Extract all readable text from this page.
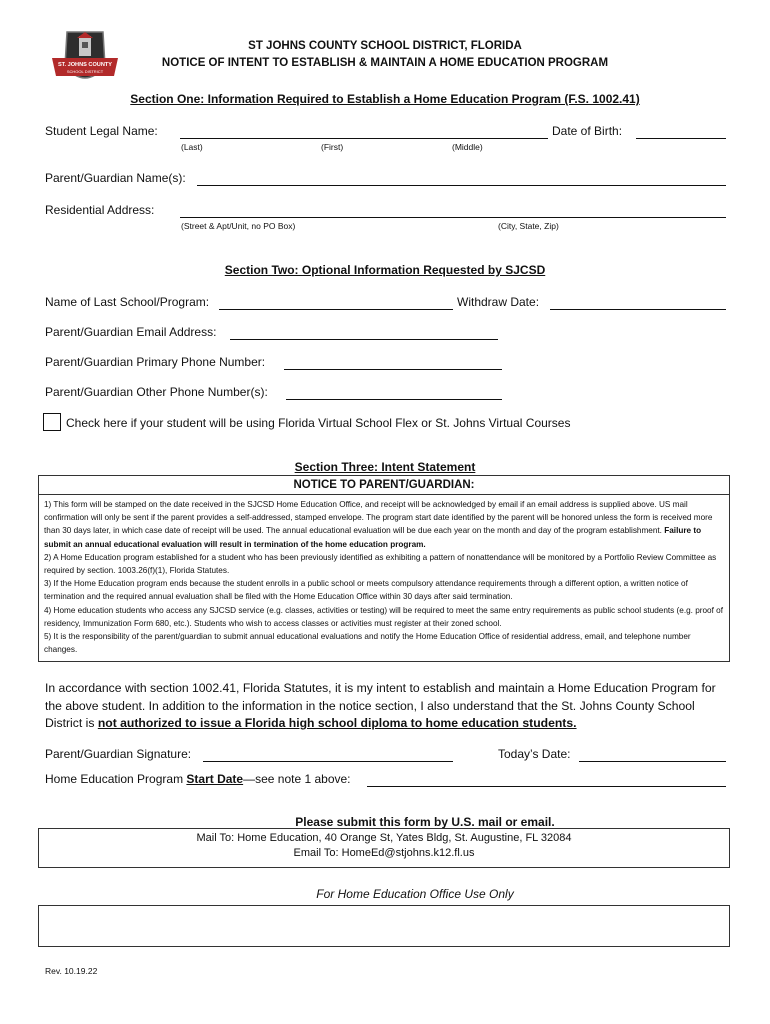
ST. JOHNS COUNTY
SCHOOL DISTRICT
ST JOHNS COUNTY SCHOOL DISTRICT, FLORIDA
NOTICE OF INTENT TO ESTABLISH & MAINTAIN A HOME EDUCATION PROGRAM
Section One: Information Required to Establish a Home Education Program (F.S. 1002.41)
Student Legal Name:	Date of Birth:
(Last)	(First)	(Middle)
Parent/Guardian Name(s):
Residential Address:
(Street & Apt/Unit, no PO Box)	(City, State, Zip)
Section Two: Optional Information Requested by SJCSD
Name of Last School/Program:	Withdraw Date:
Parent/Guardian Email Address:
Parent/Guardian Primary Phone Number:
Parent/Guardian Other Phone Number(s):
Check here if your student will be using Florida Virtual School Flex or St. Johns Virtual Courses
Section Three: Intent Statement
NOTICE TO PARENT/GUARDIAN:

1) This form will be stamped on the date received in the SJCSD Home Education Office, and receipt will be acknowledged by email if an email address is supplied above. US mail confirmation will only be sent if the parent provides a self-addressed, stamped envelope. The program start date identified by the parent will be honored unless the form is received more than 30 days later, in which case date of receipt will be used. The annual educational evaluation will be due each year on the month and day of the program establishment. Failure to submit an annual educational evaluation will result in termination of the home education program.

2) A Home Education program established for a student who has been previously identified as exhibiting a pattern of nonattendance will be monitored by a Portfolio Review Committee as required by section. 1003.26(f)(1), Florida Statutes.

3) If the Home Education program ends because the student enrolls in a public school or meets compulsory attendance requirements through a different option, a written notice of termination and the required annual evaluation shall be filed with the Home Education Office within 30 days after said termination.

4) Home education students who access any SJCSD service (e.g. classes, activities or testing) will be required to meet the same entry requirements as public school students (e.g. proof of residency, Immunization Form 680, etc.). Students who wish to access classes or activities must register at their zoned school.

5) It is the responsibility of the parent/guardian to submit annual educational evaluations and notify the Home Education Office of residential address, email, and telephone number changes.

In accordance with section 1002.41, Florida Statutes, it is my intent to establish and maintain a Home Education Program for the above student. In addition to the information in the notice section, I also understand that the St. Johns County School District is not authorized to issue a Florida high school diploma to home education students.
Parent/Guardian Signature:	Today’s Date:
Home Education Program Start Date—see note 1 above:
Please submit this form by U.S. mail or email.
Mail To: Home Education, 40 Orange St, Yates Bldg, St. Augustine, FL 32084
Email To: HomeEd@stjohns.k12.fl.us
For Home Education Office Use Only
Rev. 10.19.22
